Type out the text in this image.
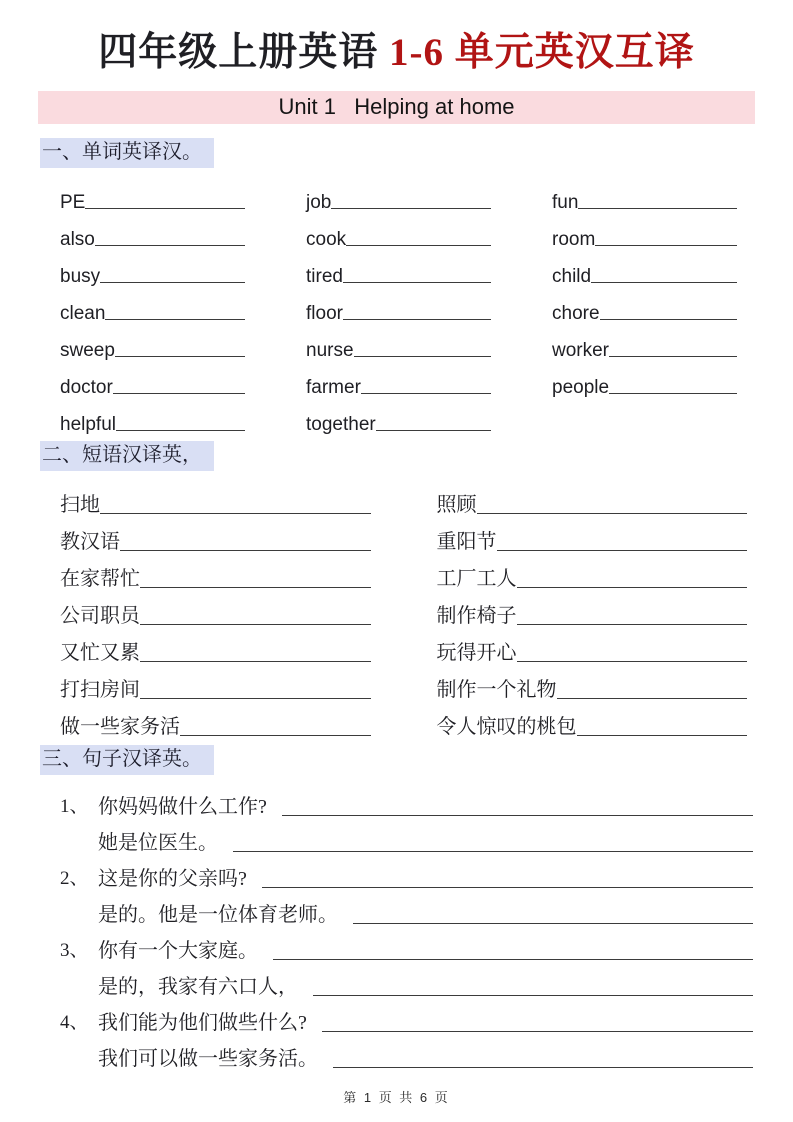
四年级上册英语 1-6 单元英汉互译
Unit 1   Helping at home
一、单词英译汉。
PE
also
busy
clean
sweep
doctor
helpful
job
cook
tired
floor
nurse
farmer
together
fun
room
child
chore
worker
people
二、短语汉译英，
扫地
教汉语
在家帮忙
公司职员
又忙又累
打扫房间
做一些家务活
照顾
重阳节
工厂工人
制作椅子
玩得开心
制作一个礼物
令人惊叹的桃包
三、句子汉译英。
1、 你妈妈做什么工作?
她是位医生。
2、 这是你的父亲吗?
是的。他是一位体育老师。
3、 你有一个大家庭。
是的，我家有六口人，
4、 我们能为他们做些什么?
我们可以做一些家务活。
第 1 页 共 6 页
